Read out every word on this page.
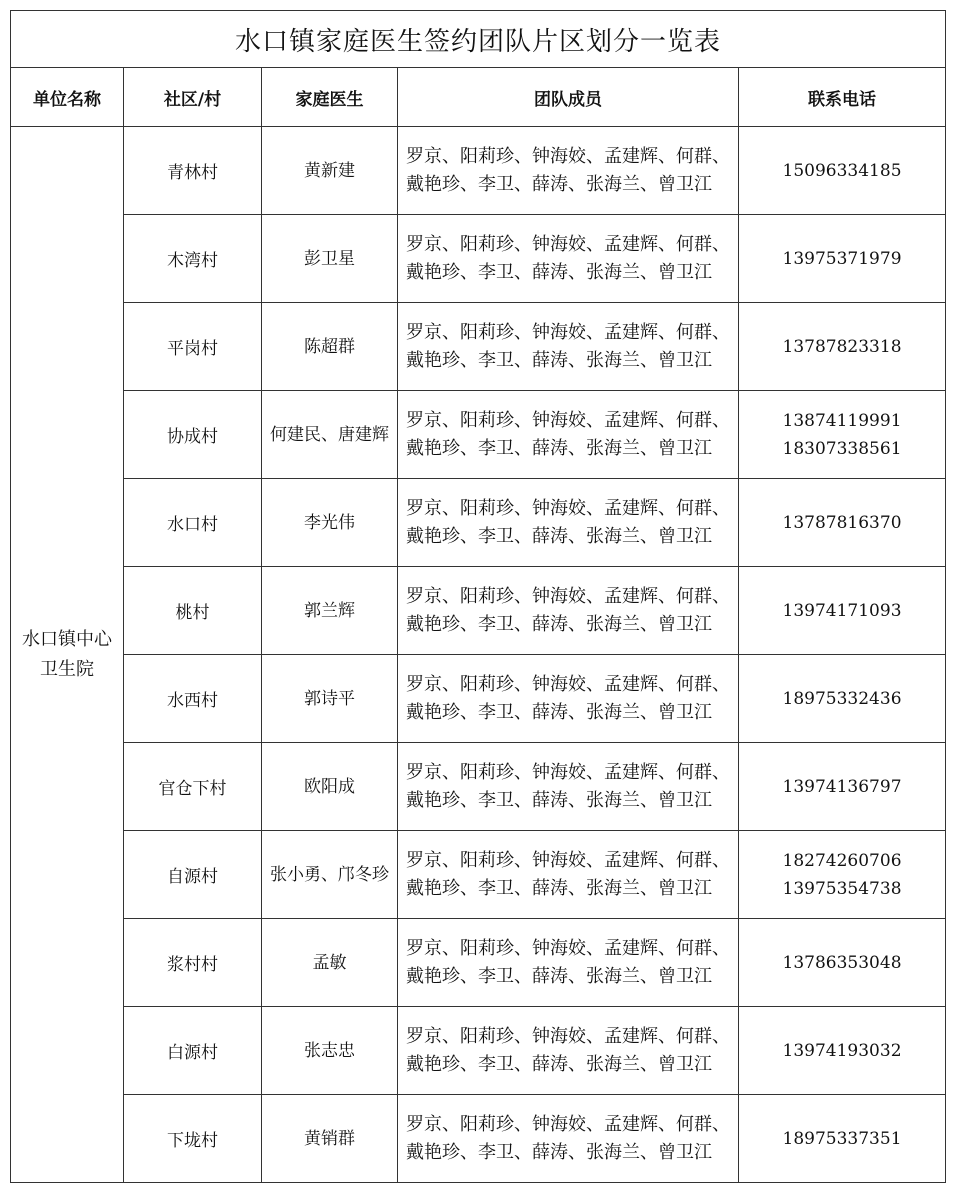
水口镇家庭医生签约团队片区划分一览表				
单位名称	社区/村	家庭医生	团队成员	联系电话
水口镇中心卫生院	青林村	黄新建	罗京、阳莉珍、钟海姣、孟建辉、何群、戴艳珍、李卫、薛涛、张海兰、曾卫江	15096334185

	木湾村	彭卫星	罗京、阳莉珍、钟海姣、孟建辉、何群、戴艳珍、李卫、薛涛、张海兰、曾卫江	13975371979

	平岗村	陈超群	罗京、阳莉珍、钟海姣、孟建辉、何群、戴艳珍、李卫、薛涛、张海兰、曾卫江	13787823318

	协成村	何建民、唐建辉	罗京、阳莉珍、钟海姣、孟建辉、何群、戴艳珍、李卫、薛涛、张海兰、曾卫江	13874119991
18307338561

	水口村	李光伟	罗京、阳莉珍、钟海姣、孟建辉、何群、戴艳珍、李卫、薛涛、张海兰、曾卫江	13787816370

	桃村	郭兰辉	罗京、阳莉珍、钟海姣、孟建辉、何群、戴艳珍、李卫、薛涛、张海兰、曾卫江	13974171093

	水西村	郭诗平	罗京、阳莉珍、钟海姣、孟建辉、何群、戴艳珍、李卫、薛涛、张海兰、曾卫江	18975332436

	官仓下村	欧阳成	罗京、阳莉珍、钟海姣、孟建辉、何群、戴艳珍、李卫、薛涛、张海兰、曾卫江	13974136797

	自源村	张小勇、邝冬珍	罗京、阳莉珍、钟海姣、孟建辉、何群、戴艳珍、李卫、薛涛、张海兰、曾卫江	18274260706
13975354738

	浆村村	孟敏	罗京、阳莉珍、钟海姣、孟建辉、何群、戴艳珍、李卫、薛涛、张海兰、曾卫江	13786353048

	白源村	张志忠	罗京、阳莉珍、钟海姣、孟建辉、何群、戴艳珍、李卫、薛涛、张海兰、曾卫江	13974193032

	下垅村	黄销群	罗京、阳莉珍、钟海姣、孟建辉、何群、戴艳珍、李卫、薛涛、张海兰、曾卫江	18975337351
